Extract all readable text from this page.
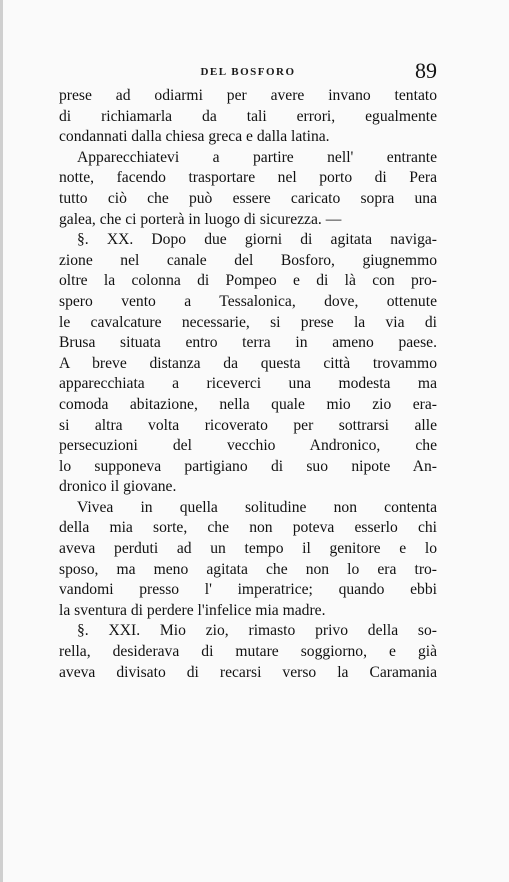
DEL BOSFORO	89
prese ad odiarmi per avere invano tentato
di richiamarla da tali errori, egualmente
condannati dalla chiesa greca e dalla latina.
Apparecchiatevi a partire nell' entrante
notte, facendo trasportare nel porto di Pera
tutto ciò che può essere caricato sopra una
galea, che ci porterà in luogo di sicurezza. —
§. XX. Dopo due giorni di agitata naviga-
zione nel canale del Bosforo, giugnemmo
oltre la colonna di Pompeo e di là con pro-
spero vento a Tessalonica, dove, ottenute
le cavalcature necessarie, si prese la via di
Brusa situata entro terra in ameno paese.
A breve distanza da questa città trovammo
apparecchiata a riceverci una modesta ma
comoda abitazione, nella quale mio zio era-
si altra volta ricoverato per sottrarsi alle
persecuzioni del vecchio Andronico, che
lo supponeva partigiano di suo nipote An-
dronico il giovane.
Vivea in quella solitudine non contenta
della mia sorte, che non poteva esserlo chi
aveva perduti ad un tempo il genitore e lo
sposo, ma meno agitata che non lo era tro-
vandomi presso l' imperatrice; quando ebbi
la sventura di perdere l'infelice mia madre.
§. XXI. Mio zio, rimasto privo della so-
rella, desiderava di mutare soggiorno, e già
aveva divisato di recarsi verso la Caramania
